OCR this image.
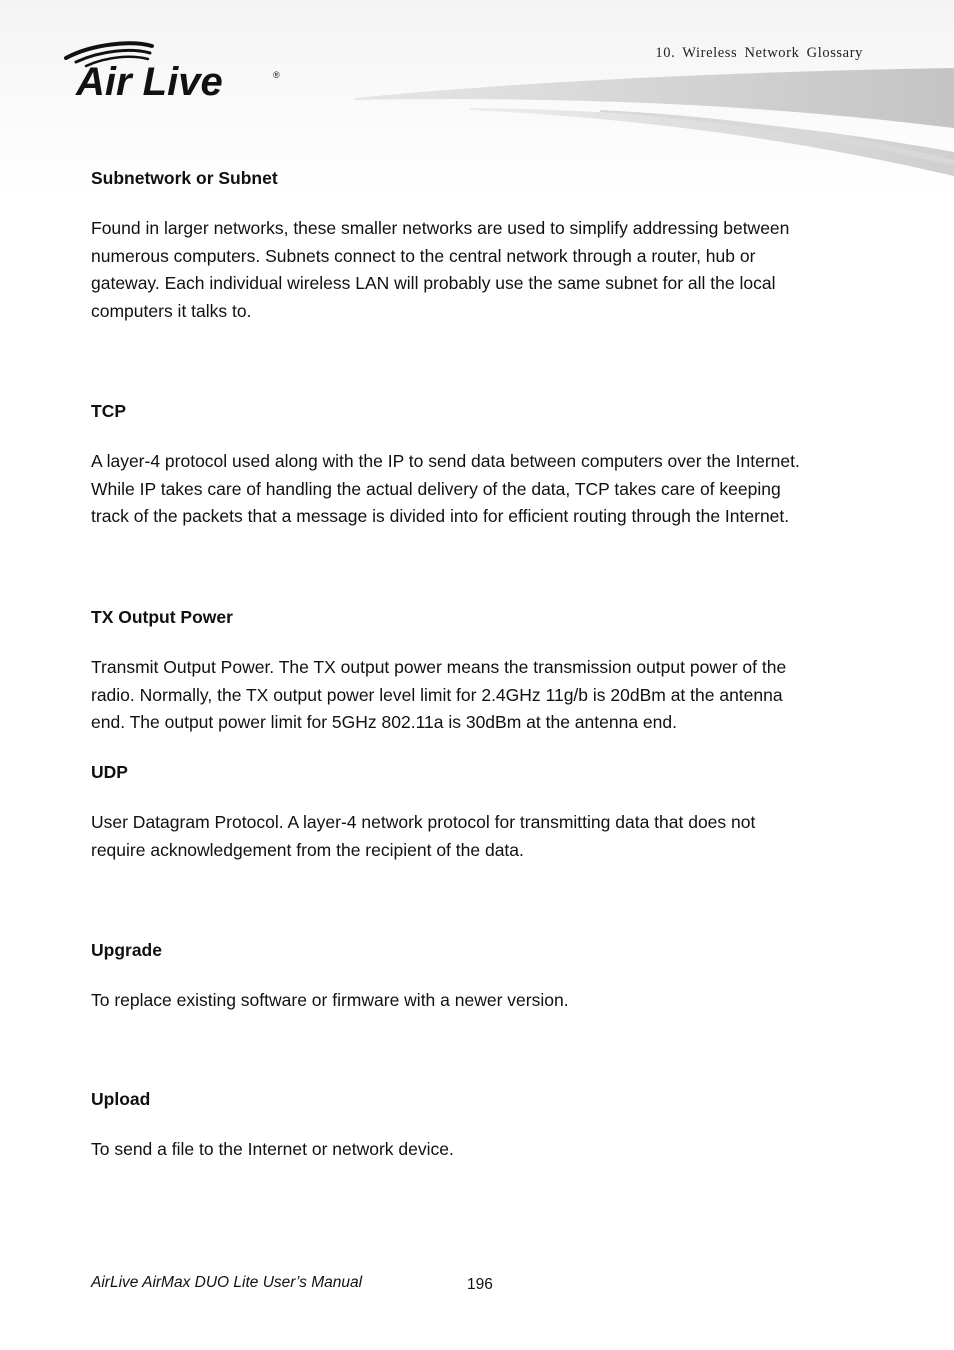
10. Wireless Network Glossary
Air Live	®
Subnetwork or Subnet
Found in larger networks, these smaller networks are used to simplify addressing between
numerous computers. Subnets connect to the central network through a router, hub or
gateway. Each individual wireless LAN will probably use the same subnet for all the local
computers it talks to.
TCP
A layer-4 protocol used along with the IP to send data between computers over the Internet.
While IP takes care of handling the actual delivery of the data, TCP takes care of keeping
track of the packets that a message is divided into for efficient routing through the Internet.
TX Output Power
Transmit Output Power. The TX output power means the transmission output power of the
radio. Normally, the TX output power level limit for 2.4GHz 11g/b is 20dBm at the antenna
end. The output power limit for 5GHz 802.11a is 30dBm at the antenna end.
UDP
User Datagram Protocol. A layer-4 network protocol for transmitting data that does not
require acknowledgement from the recipient of the data.
Upgrade
To replace existing software or firmware with a newer version.
Upload
To send a file to the Internet or network device.
AirLive AirMax DUO Lite User’s Manual	196
